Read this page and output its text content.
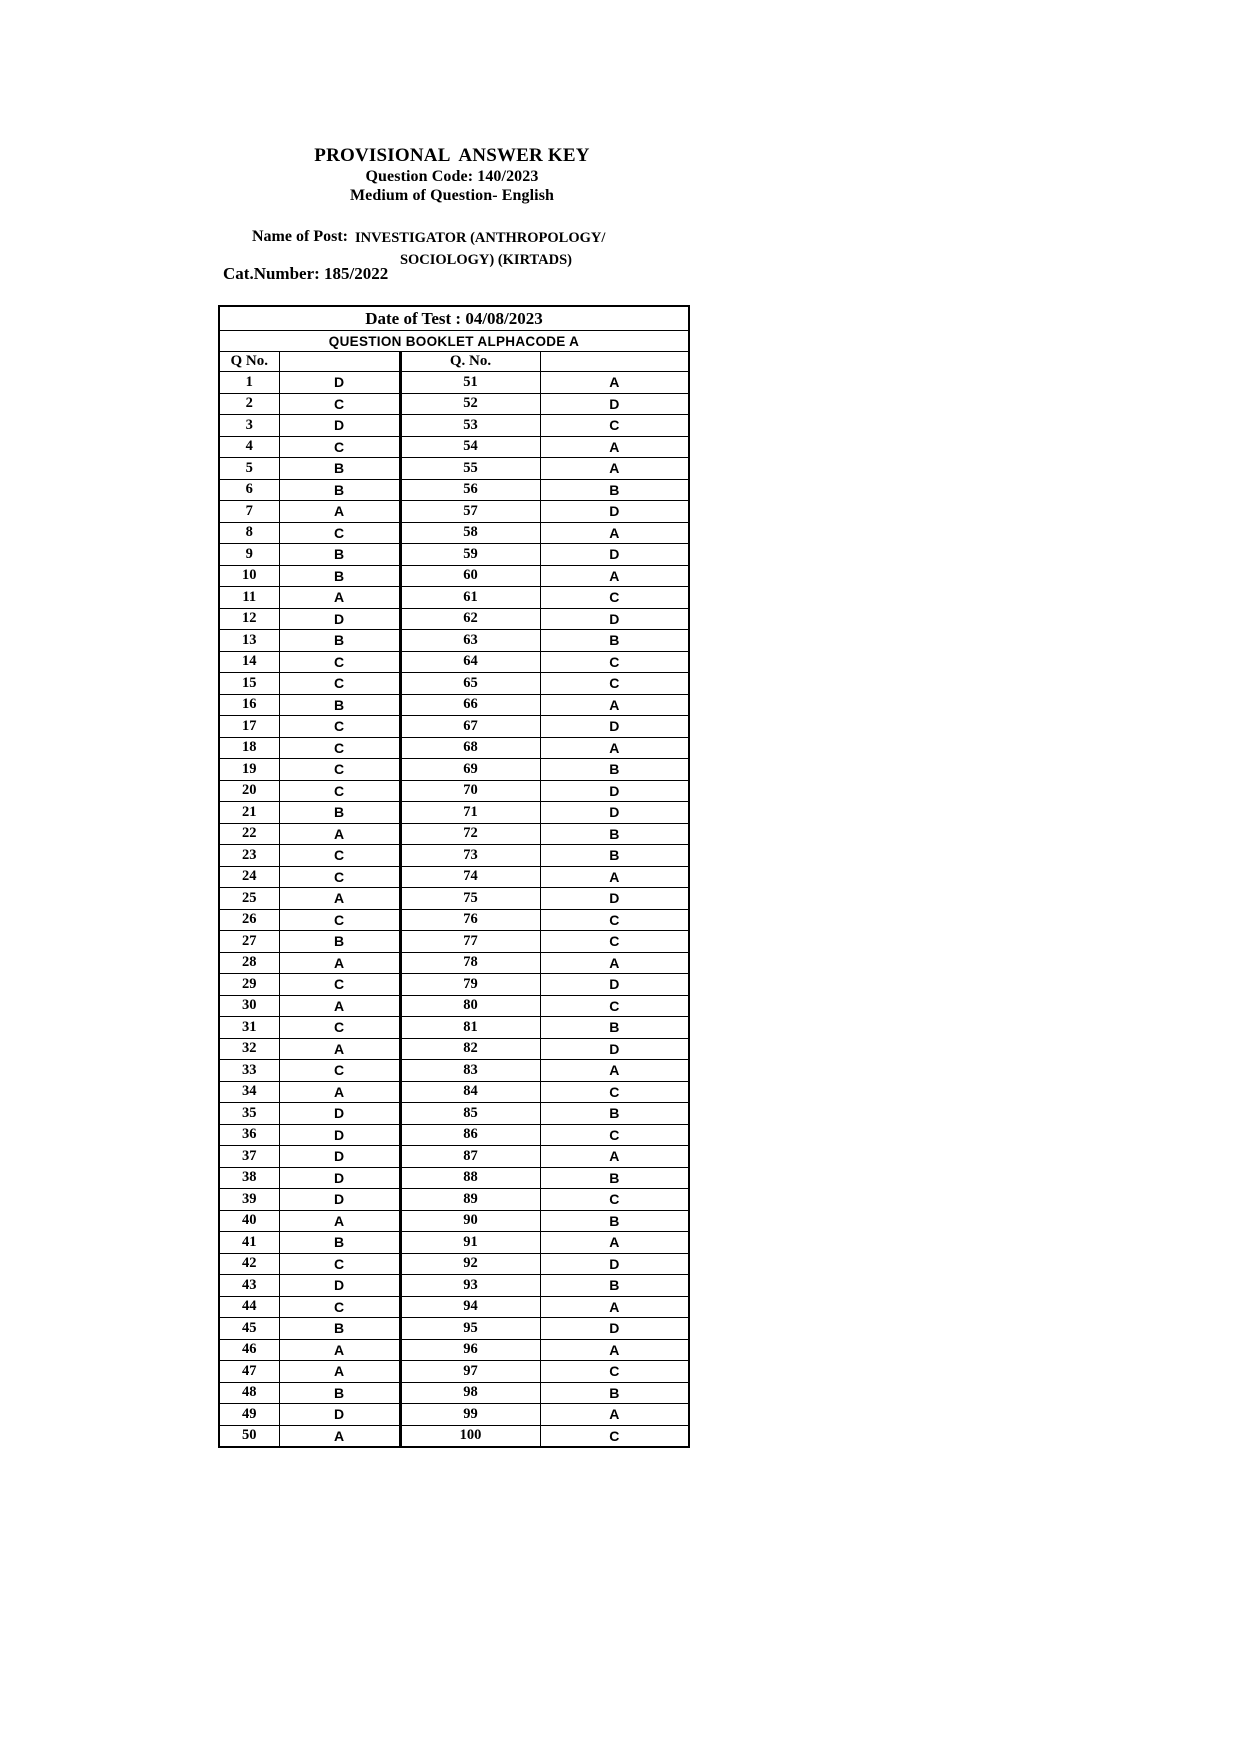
PROVISIONAL  ANSWER KEY
Question Code: 140/2023
Medium of Question- English
Name of Post: INVESTIGATOR (ANTHROPOLOGY/
SOCIOLOGY) (KIRTADS)
Cat.Number: 185/2022
Date of Test : 04/08/2023			
QUESTION BOOKLET ALPHACODE A			
Q No.		Q. No.	
1	D	51	A
2	C	52	D
3	D	53	C
4	C	54	A
5	B	55	A
6	B	56	B
7	A	57	D
8	C	58	A
9	B	59	D
10	B	60	A
11	A	61	C
12	D	62	D
13	B	63	B
14	C	64	C
15	C	65	C
16	B	66	A
17	C	67	D
18	C	68	A
19	C	69	B
20	C	70	D
21	B	71	D
22	A	72	B
23	C	73	B
24	C	74	A
25	A	75	D
26	C	76	C
27	B	77	C
28	A	78	A
29	C	79	D
30	A	80	C
31	C	81	B
32	A	82	D
33	C	83	A
34	A	84	C
35	D	85	B
36	D	86	C
37	D	87	A
38	D	88	B
39	D	89	C
40	A	90	B
41	B	91	A
42	C	92	D
43	D	93	B
44	C	94	A
45	B	95	D
46	A	96	A
47	A	97	C
48	B	98	B
49	D	99	A
50	A	100	C
